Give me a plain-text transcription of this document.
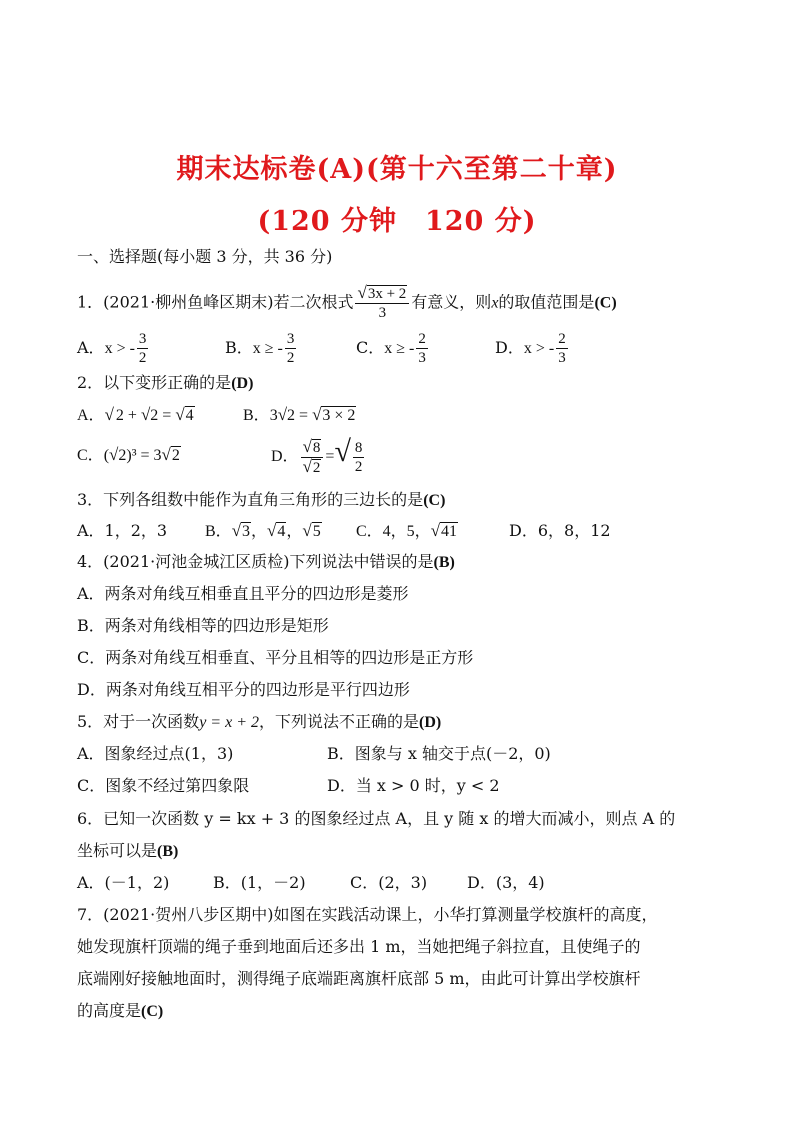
期末达标卷(A)(第十六至第二十章)
(120 分钟　120 分)
一、选择题(每小题 3 分，共 36 分)
1．(2021·柳州鱼峰区期末)若二次根式 $\frac{√3x + 2}{3}$ 有意义，则x的取值范围是(C)
A．x > - $\frac{3}{2}$	B．x ≥ - $\frac{3}{2}$	C．x ≥ - $\frac{2}{3}$	D．x > - $\frac{2}{3}$
2．以下变形正确的是(D)
A．√ 2 + √2 = √4	B．3√2 = √3 × 2
C．(√2)³ = 3√2	D． $\frac{√8}{√2}$ =√ $\frac{8}{2}$
3．下列各组数中能作为直角三角形的三边长的是(C)
A．1，2，3 B．√3，√4，√5 C．4，5，√41	D．6，8，12
4．(2021·河池金城江区质检)下列说法中错误的是(B)
A．两条对角线互相垂直且平分的四边形是菱形
B．两条对角线相等的四边形是矩形
C．两条对角线互相垂直、平分且相等的四边形是正方形
D．两条对角线互相平分的四边形是平行四边形
5．对于一次函数y = x + 2，下列说法不正确的是(D)
A．图象经过点(1，3)	B．图象与 x 轴交于点(－2，0)
C．图象不经过第四象限	D．当 x > 0 时，y < 2
6．已知一次函数 y = kx + 3 的图象经过点 A，且 y 随 x 的增大而减小，则点 A 的
坐标可以是(B)
A．(－1，2)	B．(1，－2)	C．(2，3) D．(3，4)
7．(2021·贺州八步区期中)如图在实践活动课上，小华打算测量学校旗杆的高度，
她发现旗杆顶端的绳子垂到地面后还多出 1 m，当她把绳子斜拉直，且使绳子的
底端刚好接触地面时，测得绳子底端距离旗杆底部 5 m，由此可计算出学校旗杆
的高度是(C)
